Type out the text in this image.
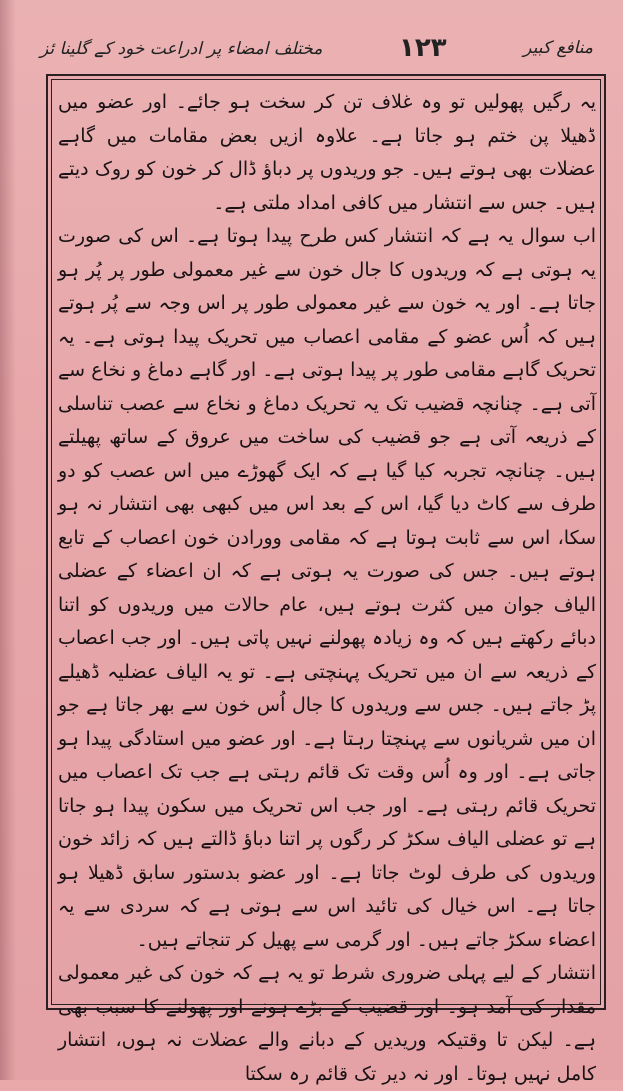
منافع کبیر
۱۲۳
مختلف امضاء پر ادراعت خود کے گلینا ئز

یہ رگیں پھولیں تو وہ غلاف تن کر سخت ہو جائے۔ اور عضو میں ڈھیلا پن ختم ہو جاتا ہے۔ علاوہ ازیں بعض مقامات میں گاہے عضلات بھی ہوتے ہیں۔ جو وریدوں پر دباؤ ڈال کر خون کو روک دیتے ہیں۔ جس سے انتشار میں کافی امداد ملتی ہے۔

اب سوال یہ ہے کہ انتشار کس طرح پیدا ہوتا ہے۔ اس کی صورت یہ ہوتی ہے کہ وریدوں کا جال خون سے غیر معمولی طور پر پُر ہو جاتا ہے۔ اور یہ خون سے غیر معمولی طور پر اس وجہ سے پُر ہوتے ہیں کہ اُس عضو کے مقامی اعصاب میں تحریک پیدا ہوتی ہے۔ یہ تحریک گاہے مقامی طور پر پیدا ہوتی ہے۔ اور گاہے دماغ و نخاع سے آتی ہے۔ چنانچہ قضیب تک یہ تحریک دماغ و نخاع سے عصب تناسلی کے ذریعہ آتی ہے جو قضیب کی ساخت میں عروق کے ساتھ پھیلتے ہیں۔ چنانچہ تجربہ کیا گیا ہے کہ ایک گھوڑے میں اس عصب کو دو طرف سے کاٹ دیا گیا، اس کے بعد اس میں کبھی بھی انتشار نہ ہو سکا، اس سے ثابت ہوتا ہے کہ مقامی وورادن خون اعصاب کے تابع ہوتے ہیں۔ جس کی صورت یہ ہوتی ہے کہ ان اعضاء کے عضلی الیاف جوان میں کثرت ہوتے ہیں، عام حالات میں وریدوں کو اتنا دبائے رکھتے ہیں کہ وہ زیادہ پھولنے نہیں پاتی ہیں۔ اور جب اعصاب کے ذریعہ سے ان میں تحریک پہنچتی ہے۔ تو یہ الیاف عضلیہ ڈھیلے پڑ جاتے ہیں۔ جس سے وریدوں کا جال اُس خون سے بھر جاتا ہے جو ان میں شریانوں سے پہنچتا رہتا ہے۔ اور عضو میں استادگی پیدا ہو جاتی ہے۔ اور وہ اُس وقت تک قائم رہتی ہے جب تک اعصاب میں تحریک قائم رہتی ہے۔ اور جب اس تحریک میں سکون پیدا ہو جاتا ہے تو عضلی الیاف سکڑ کر رگوں پر اتنا دباؤ ڈالتے ہیں کہ زائد خون وریدوں کی طرف لوٹ جاتا ہے۔ اور عضو بدستور سابق ڈھیلا ہو جاتا ہے۔ اس خیال کی تائید اس سے ہوتی ہے کہ سردی سے یہ اعضاء سکڑ جاتے ہیں۔ اور گرمی سے پھیل کر تنجاتے ہیں۔

انتشار کے لیے پہلی ضروری شرط تو یہ ہے کہ خون کی غیر معمولی مقدار کی آمد ہو۔ اور قضیب کے بڑے ہونے اور پھولنے کا سبب بھی ہے۔ لیکن تا وقتیکہ وریدیں کے دبانے والے عضلات نہ ہوں، انتشار کامل نہیں ہوتا۔ اور نہ دیر تک قائم رہ سکتا
